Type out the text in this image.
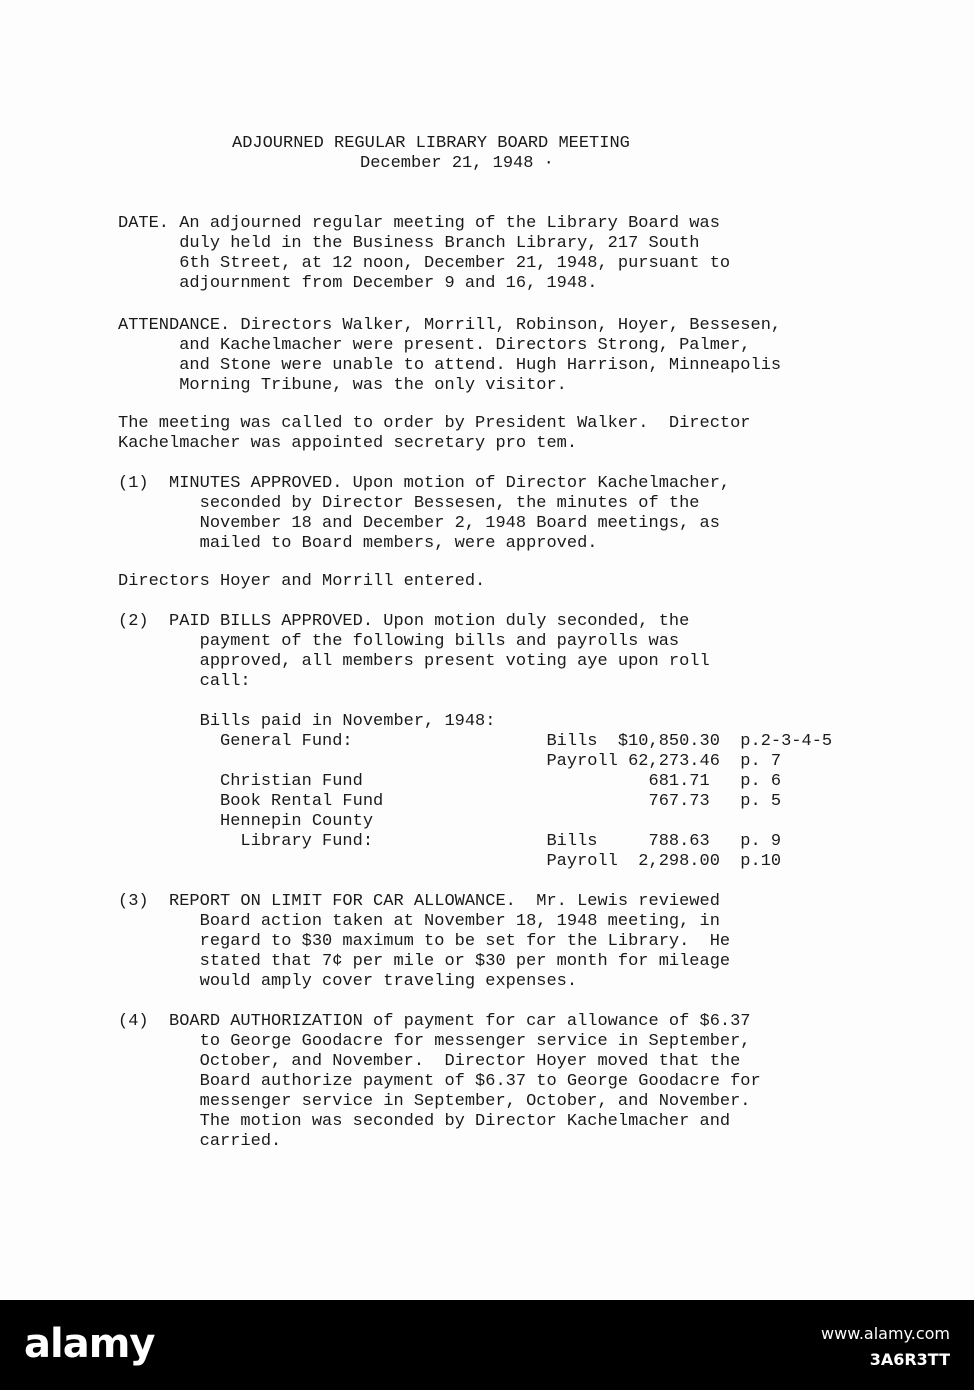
ADJOURNED REGULAR LIBRARY BOARD MEETING
December 21, 1948 ·
DATE. An adjourned regular meeting of the Library Board was
duly held in the Business Branch Library, 217 South
6th Street, at 12 noon, December 21, 1948, pursuant to
adjournment from December 9 and 16, 1948.
ATTENDANCE. Directors Walker, Morrill, Robinson, Hoyer, Bessesen,
and Kachelmacher were present. Directors Strong, Palmer,
and Stone were unable to attend. Hugh Harrison, Minneapolis
Morning Tribune, was the only visitor.
The meeting was called to order by President Walker.  Director
Kachelmacher was appointed secretary pro tem.
(1)  MINUTES APPROVED. Upon motion of Director Kachelmacher,
seconded by Director Bessesen, the minutes of the
November 18 and December 2, 1948 Board meetings, as
mailed to Board members, were approved.
Directors Hoyer and Morrill entered.
(2)  PAID BILLS APPROVED. Upon motion duly seconded, the
payment of the following bills and payrolls was
approved, all members present voting aye upon roll
call:
Bills paid in November, 1948:
General Fund:                   Bills  $10,850.30  p.2-3-4-5
Payroll 62,273.46  p. 7
Christian Fund                            681.71   p. 6
Book Rental Fund                          767.73   p. 5
Hennepin County
Library Fund:                 Bills     788.63   p. 9
Payroll  2,298.00  p.10
(3)  REPORT ON LIMIT FOR CAR ALLOWANCE.  Mr. Lewis reviewed
Board action taken at November 18, 1948 meeting, in
regard to $30 maximum to be set for the Library.  He
stated that 7¢ per mile or $30 per month for mileage
would amply cover traveling expenses.
(4)  BOARD AUTHORIZATION of payment for car allowance of $6.37
to George Goodacre for messenger service in September,
October, and November.  Director Hoyer moved that the
Board authorize payment of $6.37 to George Goodacre for
messenger service in September, October, and November.
The motion was seconded by Director Kachelmacher and
carried.
alamy	www.alamy.com
3A6R3TT
